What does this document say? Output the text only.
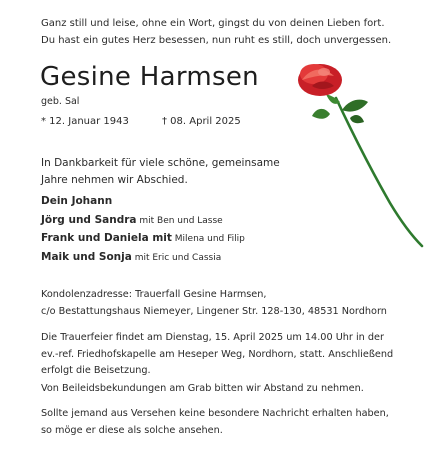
Ganz still und leise, ohne ein Wort, gingst du von deinen Lieben fort.
Du hast ein gutes Herz besessen, nun ruht es still, doch unvergessen.
Gesine Harmsen
geb. Sal
* 12. Januar 1943	† 08. April 2025
In Dankbarkeit für viele schöne, gemeinsame
Jahre nehmen wir Abschied.
Dein Johann
Jörg und Sandra mit Ben und Lasse
Frank und Daniela mit Milena und Filip
Maik und Sonja mit Eric und Cassia
Kondolenzadresse: Trauerfall Gesine Harmsen,
c/o Bestattungshaus Niemeyer, Lingener Str. 128-130, 48531 Nordhorn
Die Trauerfeier findet am Dienstag, 15. April 2025 um 14.00 Uhr in der
ev.-ref. Friedhofskapelle am Heseper Weg, Nordhorn, statt. Anschließend
erfolgt die Beisetzung.
Von Beileidsbekundungen am Grab bitten wir Abstand zu nehmen.
Sollte jemand aus Versehen keine besondere Nachricht erhalten haben,
so möge er diese als solche ansehen.
